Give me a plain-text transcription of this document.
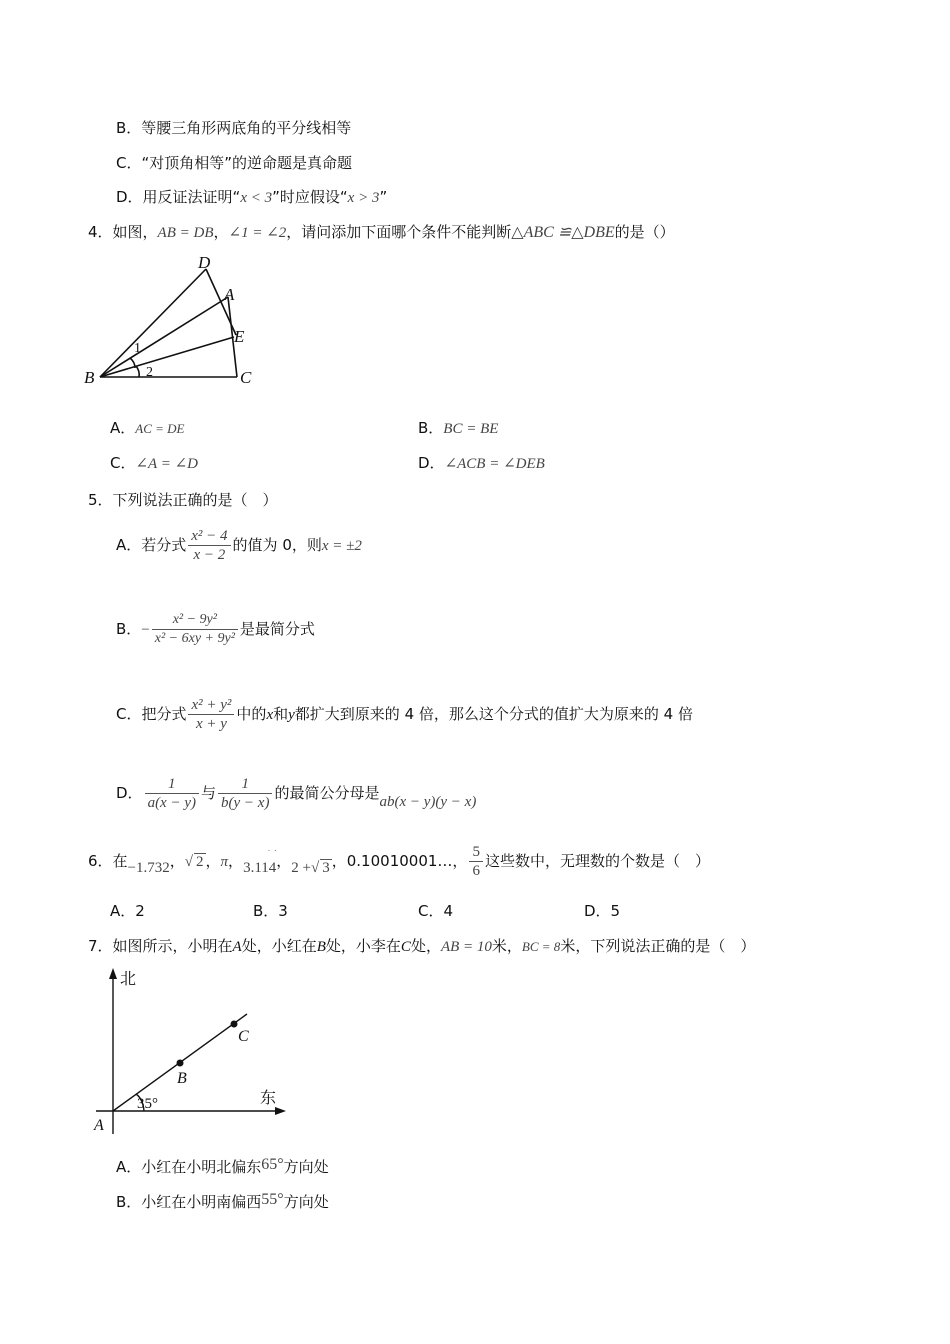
B．等腰三角形两底角的平分线相等
C．“对顶角相等”的逆命题是真命题
D．用反证法证明“x < 3”时应假设“x > 3”
4．如图，AB = DB，∠1 = ∠2，请问添加下面哪个条件不能判断△ABC ≌△DBE的是（）
D
A
E
B	C
1
2
A．AC = DE	B．BC = BE
C．∠A = ∠D	D．∠ACB = ∠DEB
5．下列说法正确的是（　）
A．若分式 $\frac{\text{x² − 4}}{x - 2}$ 的值为 0，则x = ±2
B．− $\frac{\text{x² − 9y²}}{\text{x² − 6xy + 9y²}}$ 是最简分式
C．把分式 $\frac{\text{x² + y²}}{x + y}$ 中的x和y都扩大到原来的 4 倍，那么这个分式的值扩大为原来的 4 倍
D． $\frac{1}{a(x - y)}$ 与 $\frac{1}{b(y - x)}$ 的最简公分母是ab(x − y)(y − x)
6．在−1.732，√ 2 ，π， ˙ ˙
3.114，2 +√ 3 ，0.10010001…， $\frac{5}{6}$ 这些数中，无理数的个数是（　）
A．2	B．3	C．4	D．5
7．如图所示，小明在A处，小红在B处，小李在C处，AB = 10米，BC = 8米，下列说法正确的是（　）
北
东
35°
A
B
C
A．小红在小明北偏东65°方向处
B．小红在小明南偏西55°方向处
